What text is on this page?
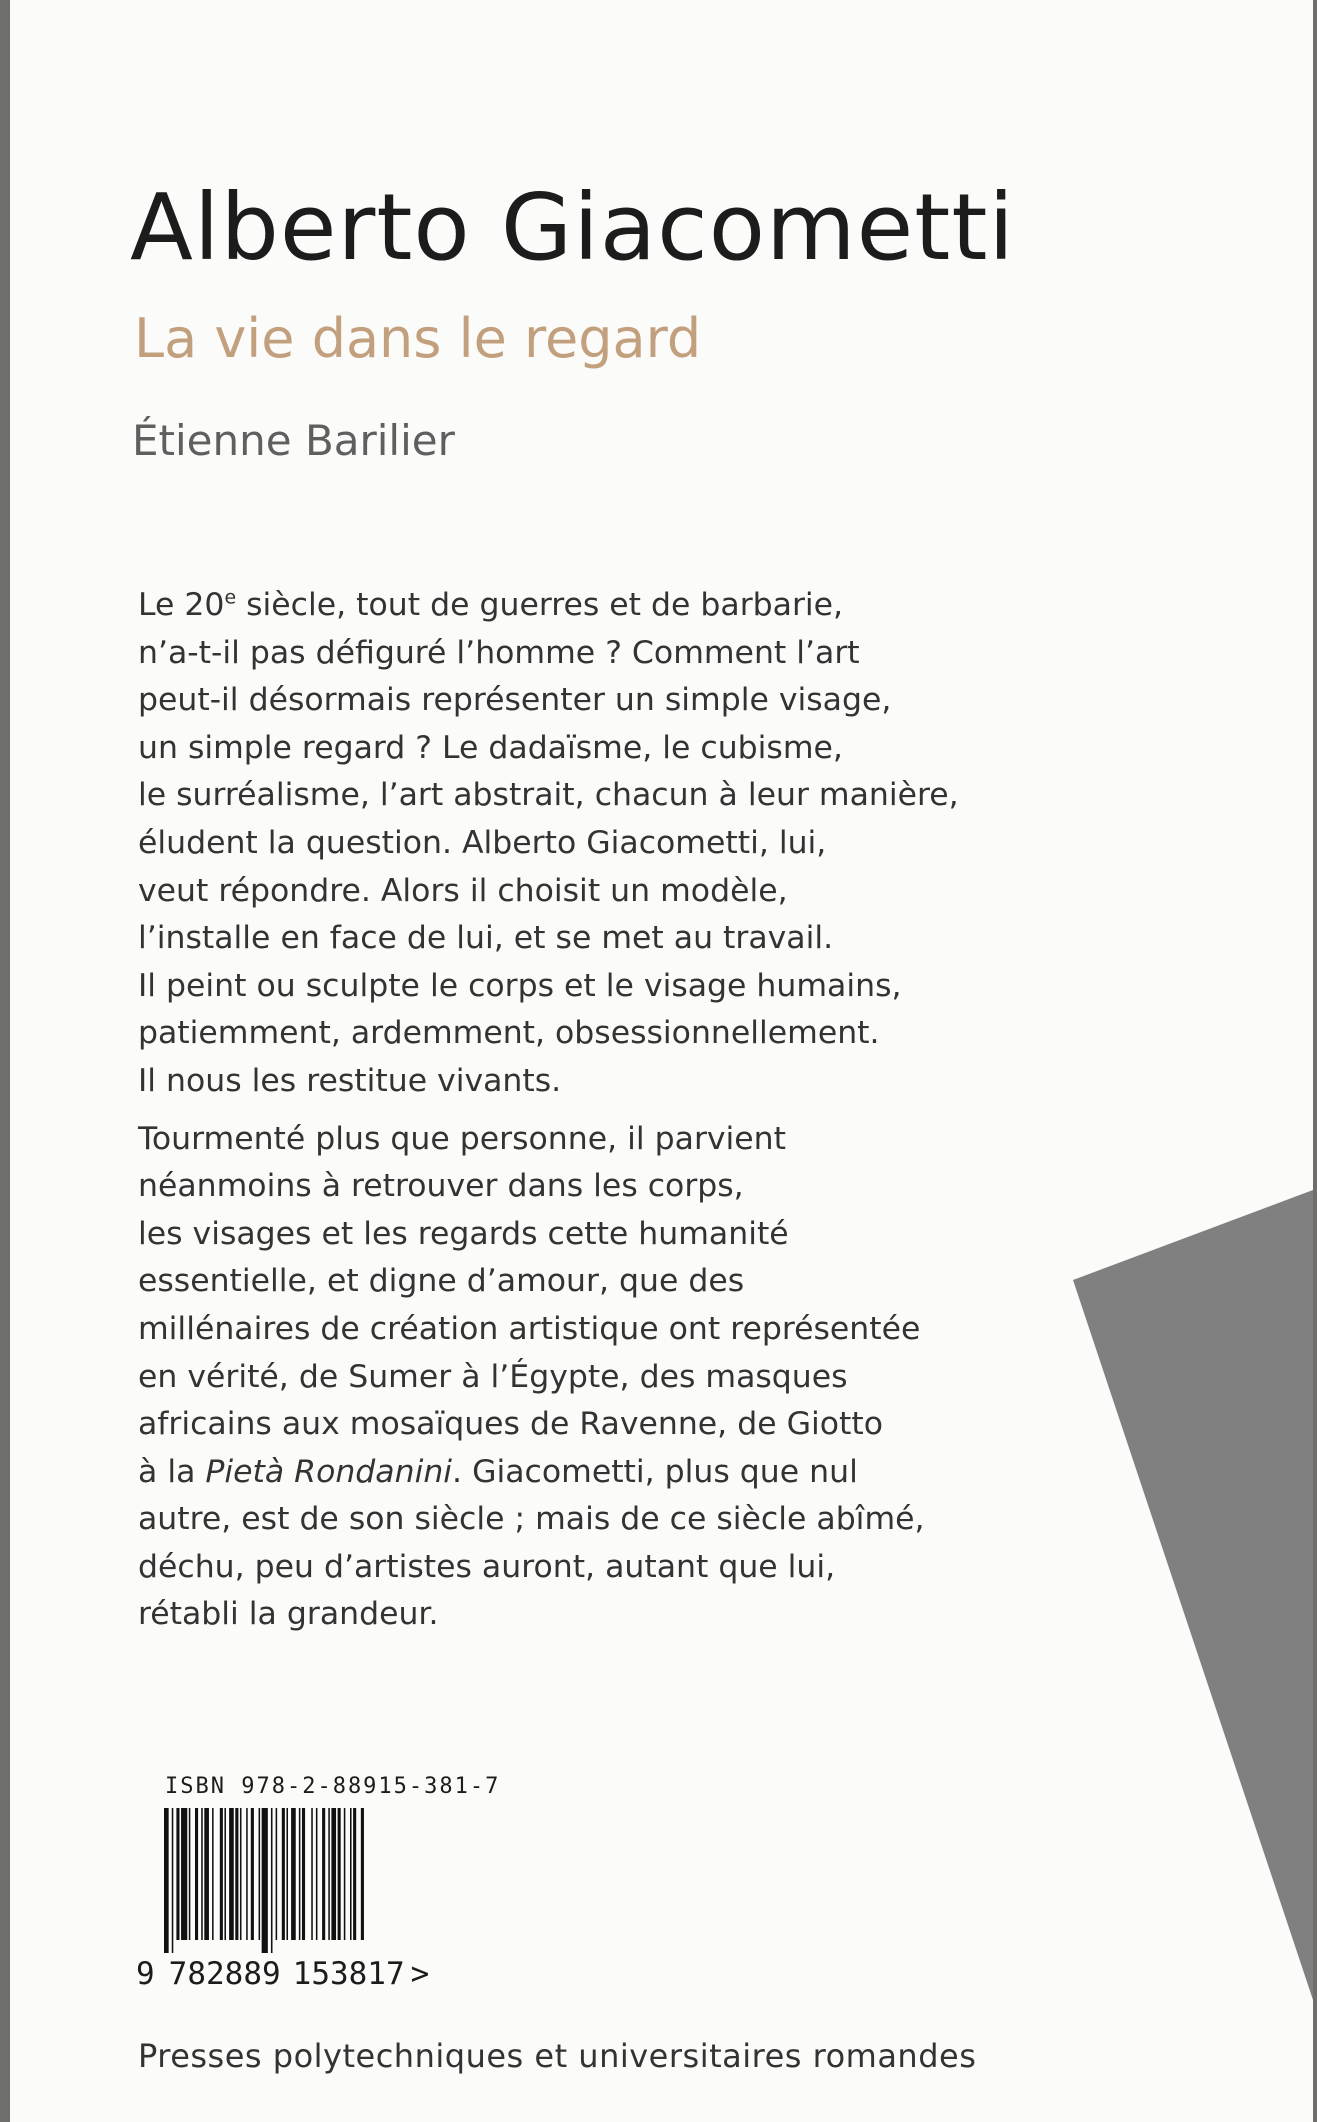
Alberto Giacometti
La vie dans le regard
Étienne Barilier

Le 20e siècle, tout de guerres et de barbarie,

n’a-t-il pas défiguré l’homme ? Comment l’art

peut-il désormais représenter un simple visage,

un simple regard ? Le dadaïsme, le cubisme,

le surréalisme, l’art abstrait, chacun à leur manière,

éludent la question. Alberto Giacometti, lui,

veut répondre. Alors il choisit un modèle,

l’installe en face de lui, et se met au travail.

Il peint ou sculpte le corps et le visage humains,

patiemment, ardemment, obsessionnellement.

Il nous les restitue vivants.

Tourmenté plus que personne, il parvient

néanmoins à retrouver dans les corps,

les visages et les regards cette humanité

essentielle, et digne d’amour, que des

millénaires de création artistique ont représentée

en vérité, de Sumer à l’Égypte, des masques

africains aux mosaïques de Ravenne, de Giotto

à la Pietà Rondanini. Giacometti, plus que nul

autre, est de son siècle ; mais de ce siècle abîmé,

déchu, peu d’artistes auront, autant que lui,

rétabli la grandeur.

ISBN 978-2-88915-381-7
9 782889 153817 >
Presses polytechniques et universitaires romandes
